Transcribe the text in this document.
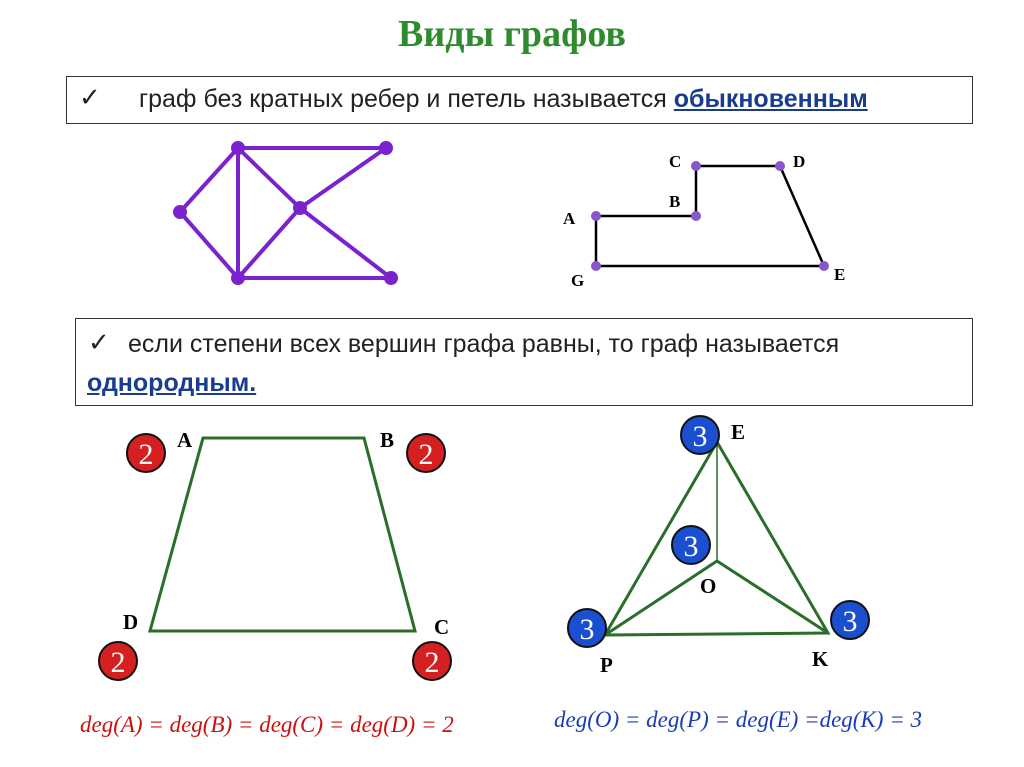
Виды графов
✓ граф без кратных ребер и петель называется обыкновенным
✓ если степени всех вершин графа равны, то граф называется
однородным.
A
B
C	D
E
G
A	B
C
D
2	2
2	2
E
O
P	K
3
3
3	3
deg(A) = deg(B) = deg(C) = deg(D) = 2	deg(O) = deg(P) = deg(E) =deg(K) = 3
